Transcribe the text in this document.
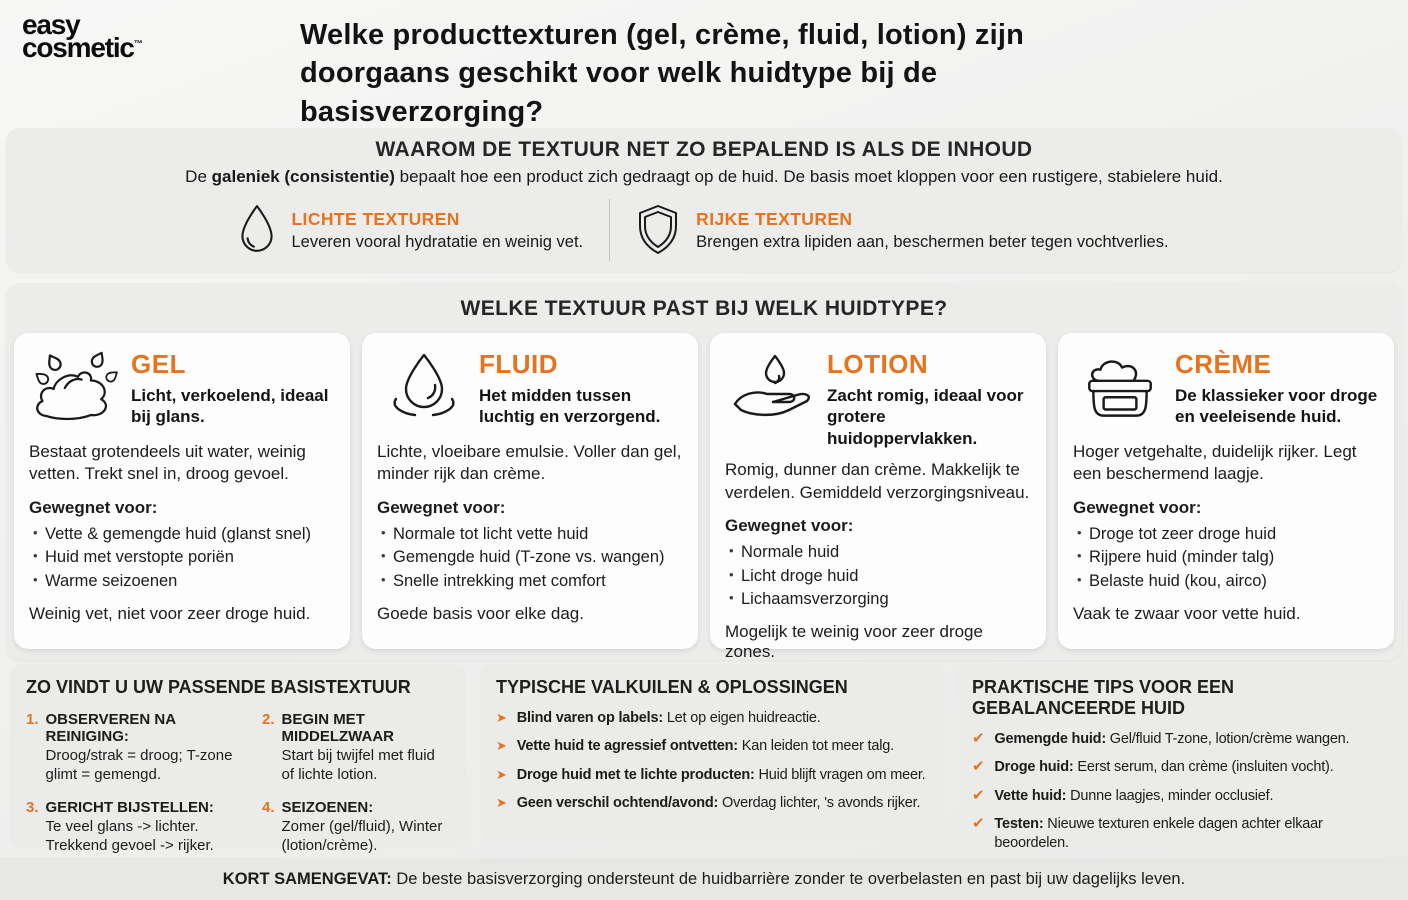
easy
cosmetic™	Welke producttexturen (gel, crème, fluid, lotion) zijn
doorgaans geschikt voor welk huidtype bij de
basisverzorging?
WAAROM DE TEXTUUR NET ZO BEPALEND IS ALS DE INHOUD
De galeniek (consistentie) bepaalt hoe een product zich gedraagt op de huid. De basis moet kloppen voor een rustigere, stabielere huid.
LICHTE TEXTUREN
Leveren vooral hydratatie en weinig vet.
RIJKE TEXTUREN
Brengen extra lipiden aan, beschermen beter tegen vochtverlies.
WELKE TEXTUUR PAST BIJ WELK HUIDTYPE?
GEL
Licht, verkoelend, ideaal bij glans.
Bestaat grotendeels uit water, weinig vetten. Trekt snel in, droog gevoel.
Gewegnet voor:
• Vette & gemengde huid (glanst snel)
• Huid met verstopte poriën
• Warme seizoenen
Weinig vet, niet voor zeer droge huid.
FLUID
Het midden tussen luchtig en verzorgend.
Lichte, vloeibare emulsie. Voller dan gel, minder rijk dan crème.
Gewegnet voor:
• Normale tot licht vette huid
• Gemengde huid (T-zone vs. wangen)
• Snelle intrekking met comfort
Goede basis voor elke dag.
LOTION
Zacht romig, ideaal voor grotere huidoppervlakken.
Romig, dunner dan crème. Makkelijk te verdelen. Gemiddeld verzorgingsniveau.
Gewegnet voor:
• Normale huid
• Licht droge huid
• Lichaamsverzorging
Mogelijk te weinig voor zeer droge zones.
CRÈME
De klassieker voor droge en veeleisende huid.
Hoger vetgehalte, duidelijk rijker. Legt een beschermend laagje.
Gewegnet voor:
• Droge tot zeer droge huid
• Rijpere huid (minder talg)
• Belaste huid (kou, airco)
Vaak te zwaar voor vette huid.
ZO VINDT U UW PASSENDE BASISTEXTUUR
1. OBSERVEREN NA REINIGING:
Droog/strak = droog; T-zone glimt = gemengd.
2. BEGIN MET MIDDELZWAAR
Start bij twijfel met fluid of lichte lotion.
3. GERICHT BIJSTELLEN:
Te veel glans -> lichter. Trekkend gevoel -> rijker.
4. SEIZOENEN:
Zomer (gel/fluid), Winter (lotion/crème).
TYPISCHE VALKUILEN & OPLOSSINGEN
➤ Blind varen op labels: Let op eigen huidreactie.
➤ Vette huid te agressief ontvetten: Kan leiden tot meer talg.
➤ Droge huid met te lichte producten: Huid blijft vragen om meer.
➤ Geen verschil ochtend/avond: Overdag lichter, 's avonds rijker.
PRAKTISCHE TIPS VOOR EEN GEBALANCEERDE HUID
✔ Gemengde huid: Gel/fluid T-zone, lotion/crème wangen.
✔ Droge huid: Eerst serum, dan crème (insluiten vocht).
✔ Vette huid: Dunne laagjes, minder occlusief.
✔ Testen: Nieuwe texturen enkele dagen achter elkaar beoordelen.
KORT SAMENGEVAT: De beste basisverzorging ondersteunt de huidbarrière zonder te overbelasten en past bij uw dagelijks leven.
